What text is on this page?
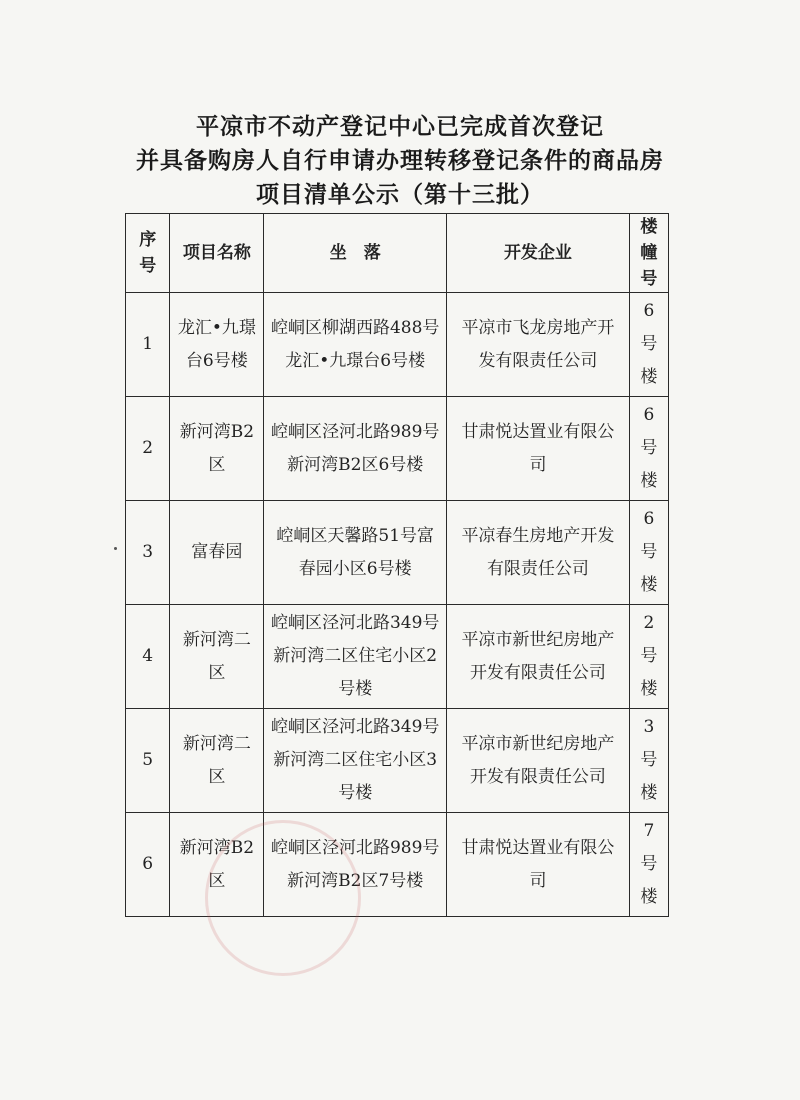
平凉市不动产登记中心已完成首次登记
并具备购房人自行申请办理转移登记条件的商品房
项目清单公示（第十三批）
序号	项目名称	坐　落	开发企业	楼幢号
1	龙汇•九璟台6号楼	崆峒区柳湖西路488号龙汇•九璟台6号楼	平凉市飞龙房地产开发有限责任公司	6号楼
2	新河湾B2区	崆峒区泾河北路989号新河湾B2区6号楼	甘肃悦达置业有限公司	6号楼
3	富春园	崆峒区天馨路51号富春园小区6号楼	平凉春生房地产开发有限责任公司	6号楼
4	新河湾二区	崆峒区泾河北路349号新河湾二区住宅小区2号楼	平凉市新世纪房地产开发有限责任公司	2号楼
5	新河湾二区	崆峒区泾河北路349号新河湾二区住宅小区3号楼	平凉市新世纪房地产开发有限责任公司	3号楼
6	新河湾B2区	崆峒区泾河北路989号新河湾B2区7号楼	甘肃悦达置业有限公司	7号楼
